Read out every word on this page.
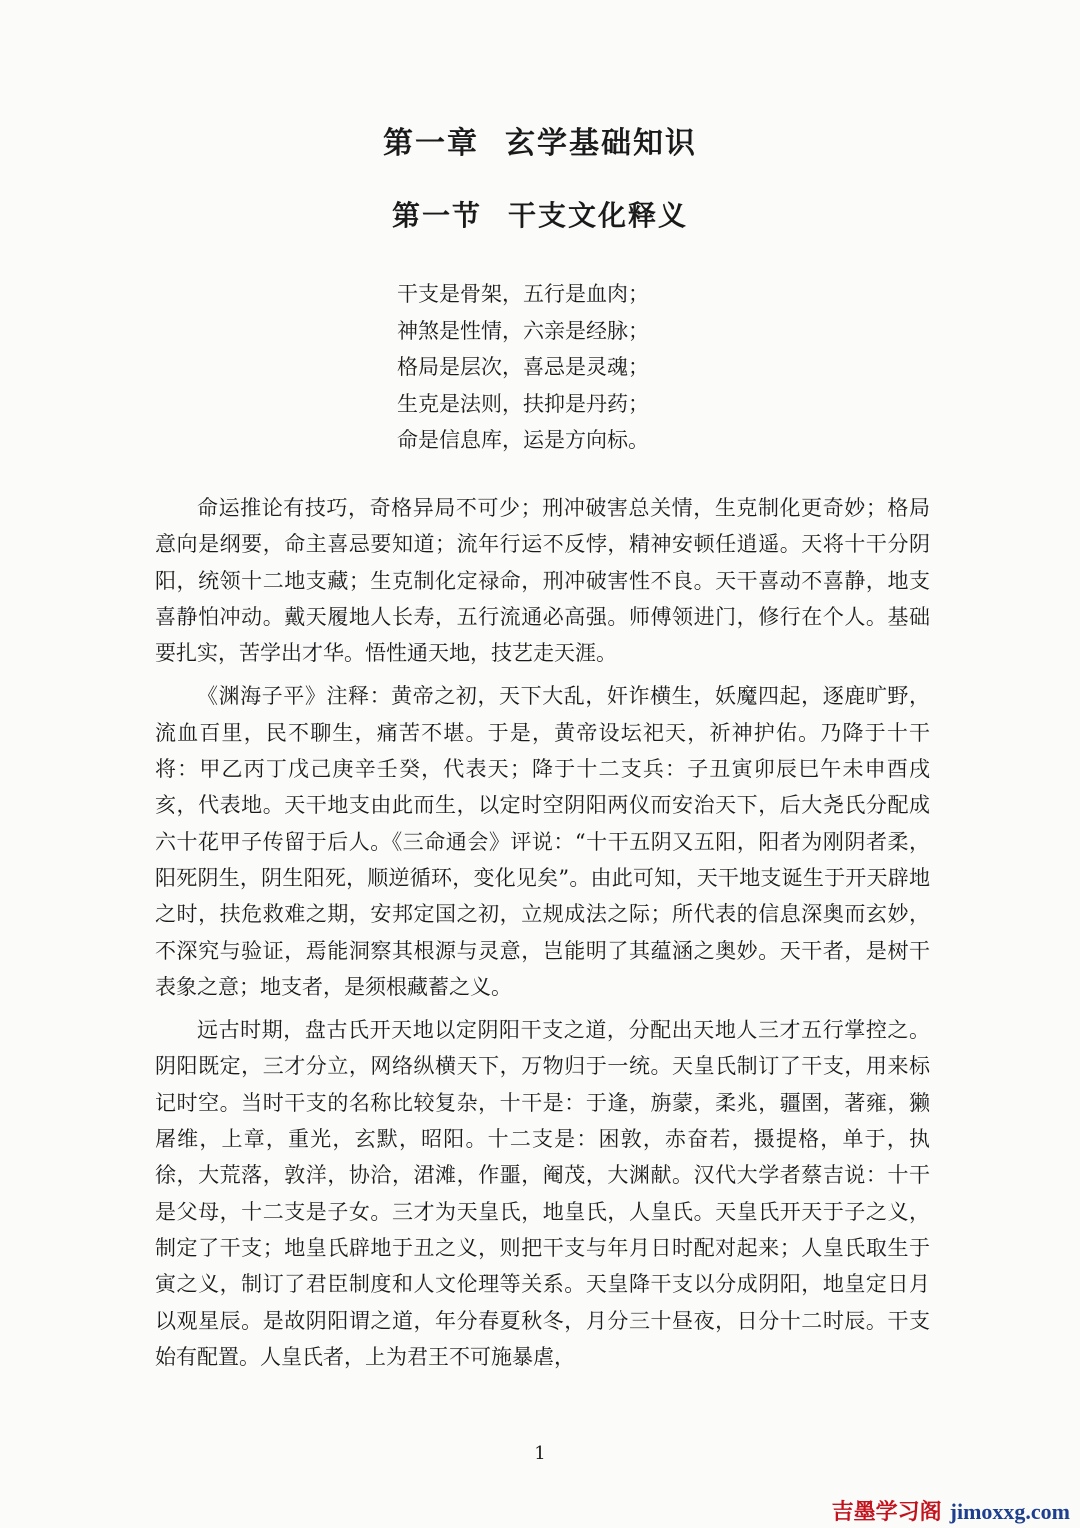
第一章 玄学基础知识
第一节 干支文化释义
干支是骨架，五行是血肉；
神煞是性情，六亲是经脉；
格局是层次，喜忌是灵魂；
生克是法则，扶抑是丹药；
命是信息库，运是方向标。

命运推论有技巧，奇格异局不可少；刑冲破害总关情，生克制化更奇妙；格局意向是纲要，命主喜忌要知道；流年行运不反悖，精神安顿任逍遥。天将十干分阴阳，统领十二地支藏；生克制化定禄命，刑冲破害性不良。天干喜动不喜静，地支喜静怕冲动。戴天履地人长寿，五行流通必高强。师傅领进门，修行在个人。基础要扎实，苦学出才华。悟性通天地，技艺走天涯。

《渊海子平》注释：黄帝之初，天下大乱，奸诈横生，妖魔四起，逐鹿旷野，流血百里，民不聊生，痛苦不堪。于是，黄帝设坛祀天，祈神护佑。乃降于十干将：甲乙丙丁戊己庚辛壬癸，代表天；降于十二支兵：子丑寅卯辰巳午未申酉戌亥，代表地。天干地支由此而生，以定时空阴阳两仪而安治天下，后大尧氏分配成六十花甲子传留于后人。《三命通会》评说：“十干五阴又五阳，阳者为刚阴者柔，阳死阴生，阴生阳死，顺逆循环，变化见矣”。由此可知，天干地支诞生于开天辟地之时，扶危救难之期，安邦定国之初，立规成法之际；所代表的信息深奥而玄妙，不深究与验证，焉能洞察其根源与灵意，岂能明了其蕴涵之奥妙。天干者，是树干表象之意；地支者，是须根藏蓄之义。

远古时期，盘古氏开天地以定阴阳干支之道，分配出天地人三才五行掌控之。阴阳既定，三才分立，网络纵横天下，万物归于一统。天皇氏制订了干支，用来标记时空。当时干支的名称比较复杂，十干是：于逢，旃蒙，柔兆，疆圉，著雍，獭屠维，上章，重光，玄默，昭阳。十二支是：困敦，赤奋若，摄提格，单于，执徐，大荒落，敦洋，协洽，涒滩，作噩，阉茂，大渊献。汉代大学者蔡吉说：十干是父母，十二支是子女。三才为天皇氏，地皇氏，人皇氏。天皇氏开天于子之义，制定了干支；地皇氏辟地于丑之义，则把干支与年月日时配对起来；人皇氏取生于寅之义，制订了君臣制度和人文伦理等关系。天皇降干支以分成阴阳，地皇定日月以观星辰。是故阴阳谓之道，年分春夏秋冬，月分三十昼夜，日分十二时辰。干支始有配置。人皇氏者，上为君王不可施暴虐，

1
吉墨学习阁 jimoxxg.com
